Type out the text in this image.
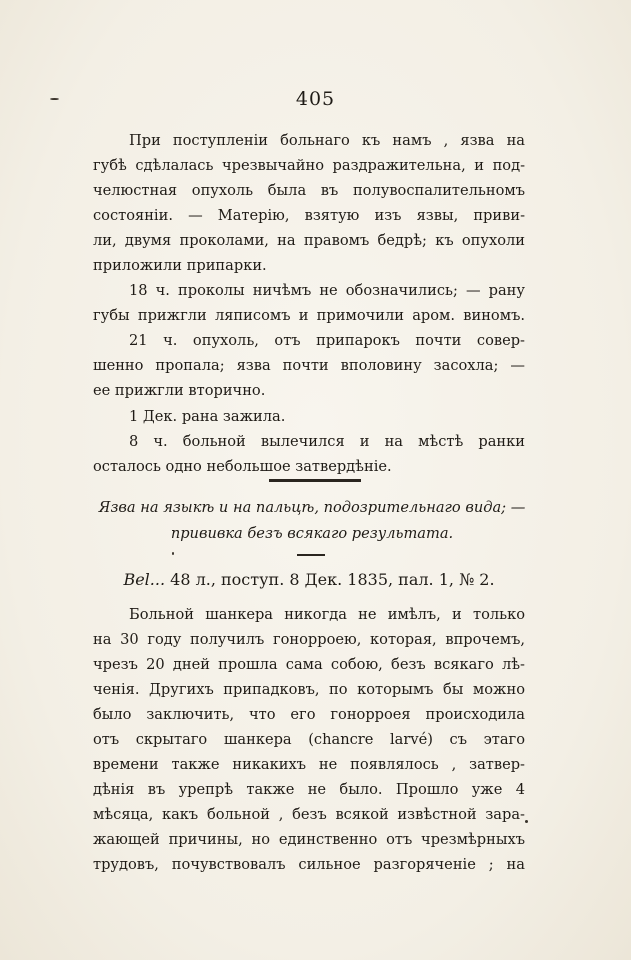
405
При поступленіи больнаго къ намъ , язва на
губѣ сдѣлалась чрезвычайно раздражительна, и под-
челюстная опухоль была въ полувоспалительномъ
состояніи. — Матерію, взятую изъ язвы, приви-
ли, двумя проколами, на правомъ бедрѣ; къ опухоли
приложили припарки.
18 ч. проколы ничѣмъ не обозначились; — рану
губы прижгли ляписомъ и примочили аром. виномъ.
21 ч. опухоль, отъ припарокъ почти совер-
шенно пропала; язва почти вполовину засохла; —
ее прижгли вторично.
1 Дек. рана зажила.
8 ч. больной вылечился и на мѣстѣ ранки
осталось одно небольшое затвердѣніе.
Язва на языкѣ и на пальцѣ, подозрительнаго вида; —
прививка безъ всякаго результата.
Bel... 48 л., поступ. 8 Дек. 1835, пал. 1, № 2.
Больной шанкера никогда не имѣлъ, и только
на 30 году получилъ гонорроею, которая, впрочемъ,
чрезъ 20 дней прошла сама собою, безъ всякаго лѣ-
ченія. Другихъ припадковъ, по которымъ бы можно
было заключить, что его гонорроея происходила
отъ скрытаго шанкера (chancre larvé) съ этаго
времени также никакихъ не появлялось , затвер-
дѣнія въ урепрѣ также не было. Прошло уже 4
мѣсяца, какъ больной , безъ всякой извѣстной зара-
жающей причины, но единственно отъ чрезмѣрныхъ
трудовъ, почувствовалъ сильное разгоряченіе ; на
